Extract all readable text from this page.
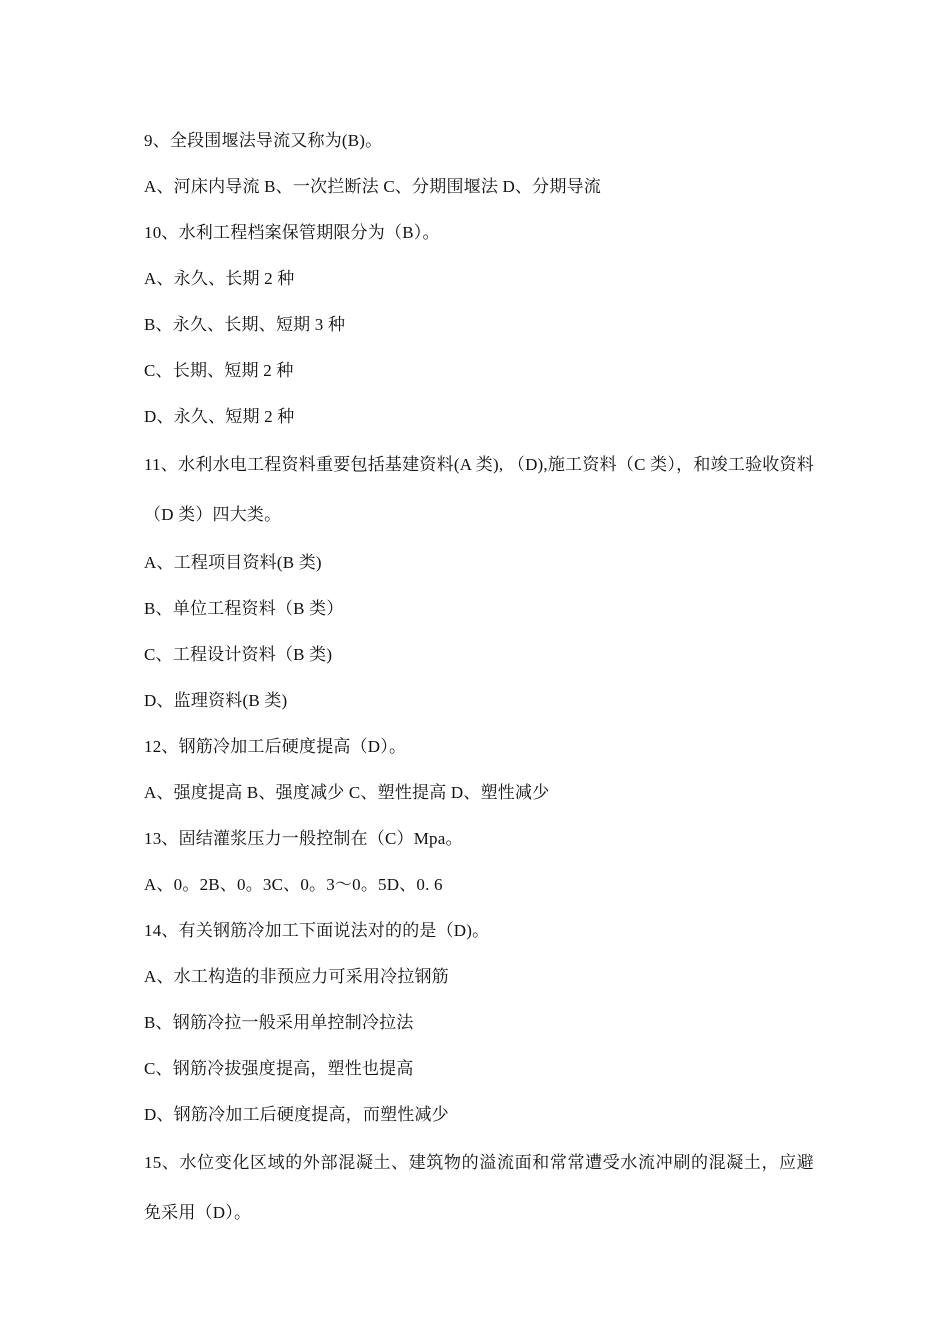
9、全段围堰法导流又称为(B)。
A、河床内导流 B、一次拦断法 C、分期围堰法 D、分期导流
10、水利工程档案保管期限分为（B）。
A、永久、长期 2 种
B、永久、长期、短期 3 种
C、长期、短期 2 种
D、永久、短期 2 种
11、水利水电工程资料重要包括基建资料(A 类), （D),施工资料（C 类），和竣工验收资料（D 类）四大类。
A、工程项目资料(B 类)
B、单位工程资料（B 类）
C、工程设计资料（B 类)
D、监理资料(B 类)
12、钢筋冷加工后硬度提高（D）。
A、强度提高 B、强度减少 C、塑性提高 D、塑性减少
13、固结灌浆压力一般控制在（C）Mpa。
A、0。2B、0。3C、0。3～0。5D、0. 6
14、有关钢筋冷加工下面说法对的的是（D)。
A、水工构造的非预应力可采用冷拉钢筋
B、钢筋冷拉一般采用单控制冷拉法
C、钢筋冷拔强度提高，塑性也提高
D、钢筋冷加工后硬度提高，而塑性减少
15、水位变化区域的外部混凝土、建筑物的溢流面和常常遭受水流冲刷的混凝土，应避免采用（D）。
